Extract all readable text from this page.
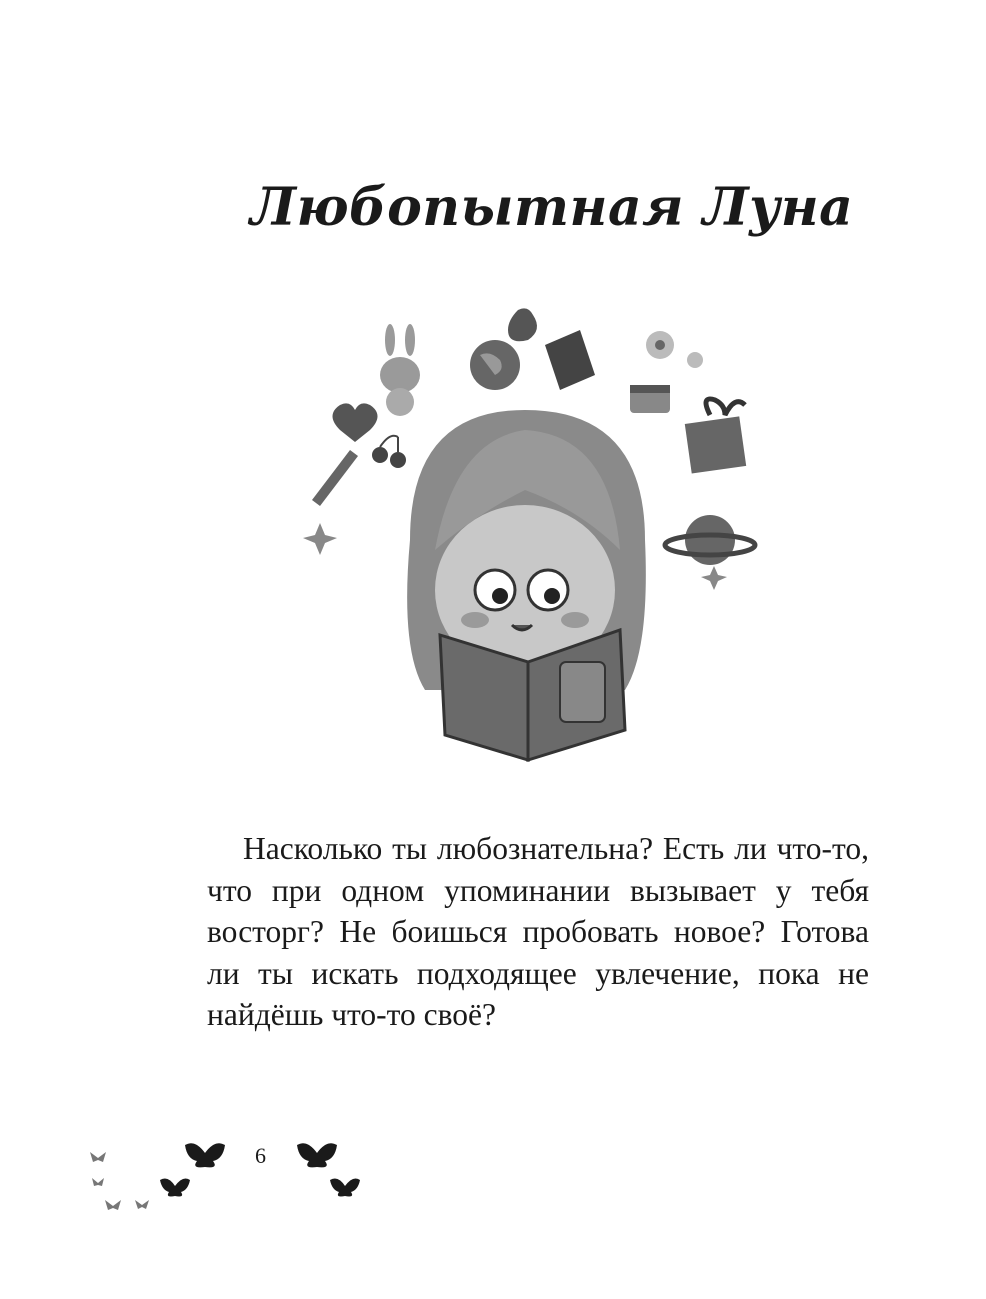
Любопытная Луна
Насколько ты любознательна? Есть ли что-то, что при одном упоминании вызывает у тебя восторг? Не боишься пробовать новое? Готова ли ты искать подходящее увлечение, пока не найдёшь что-то своё?
6
